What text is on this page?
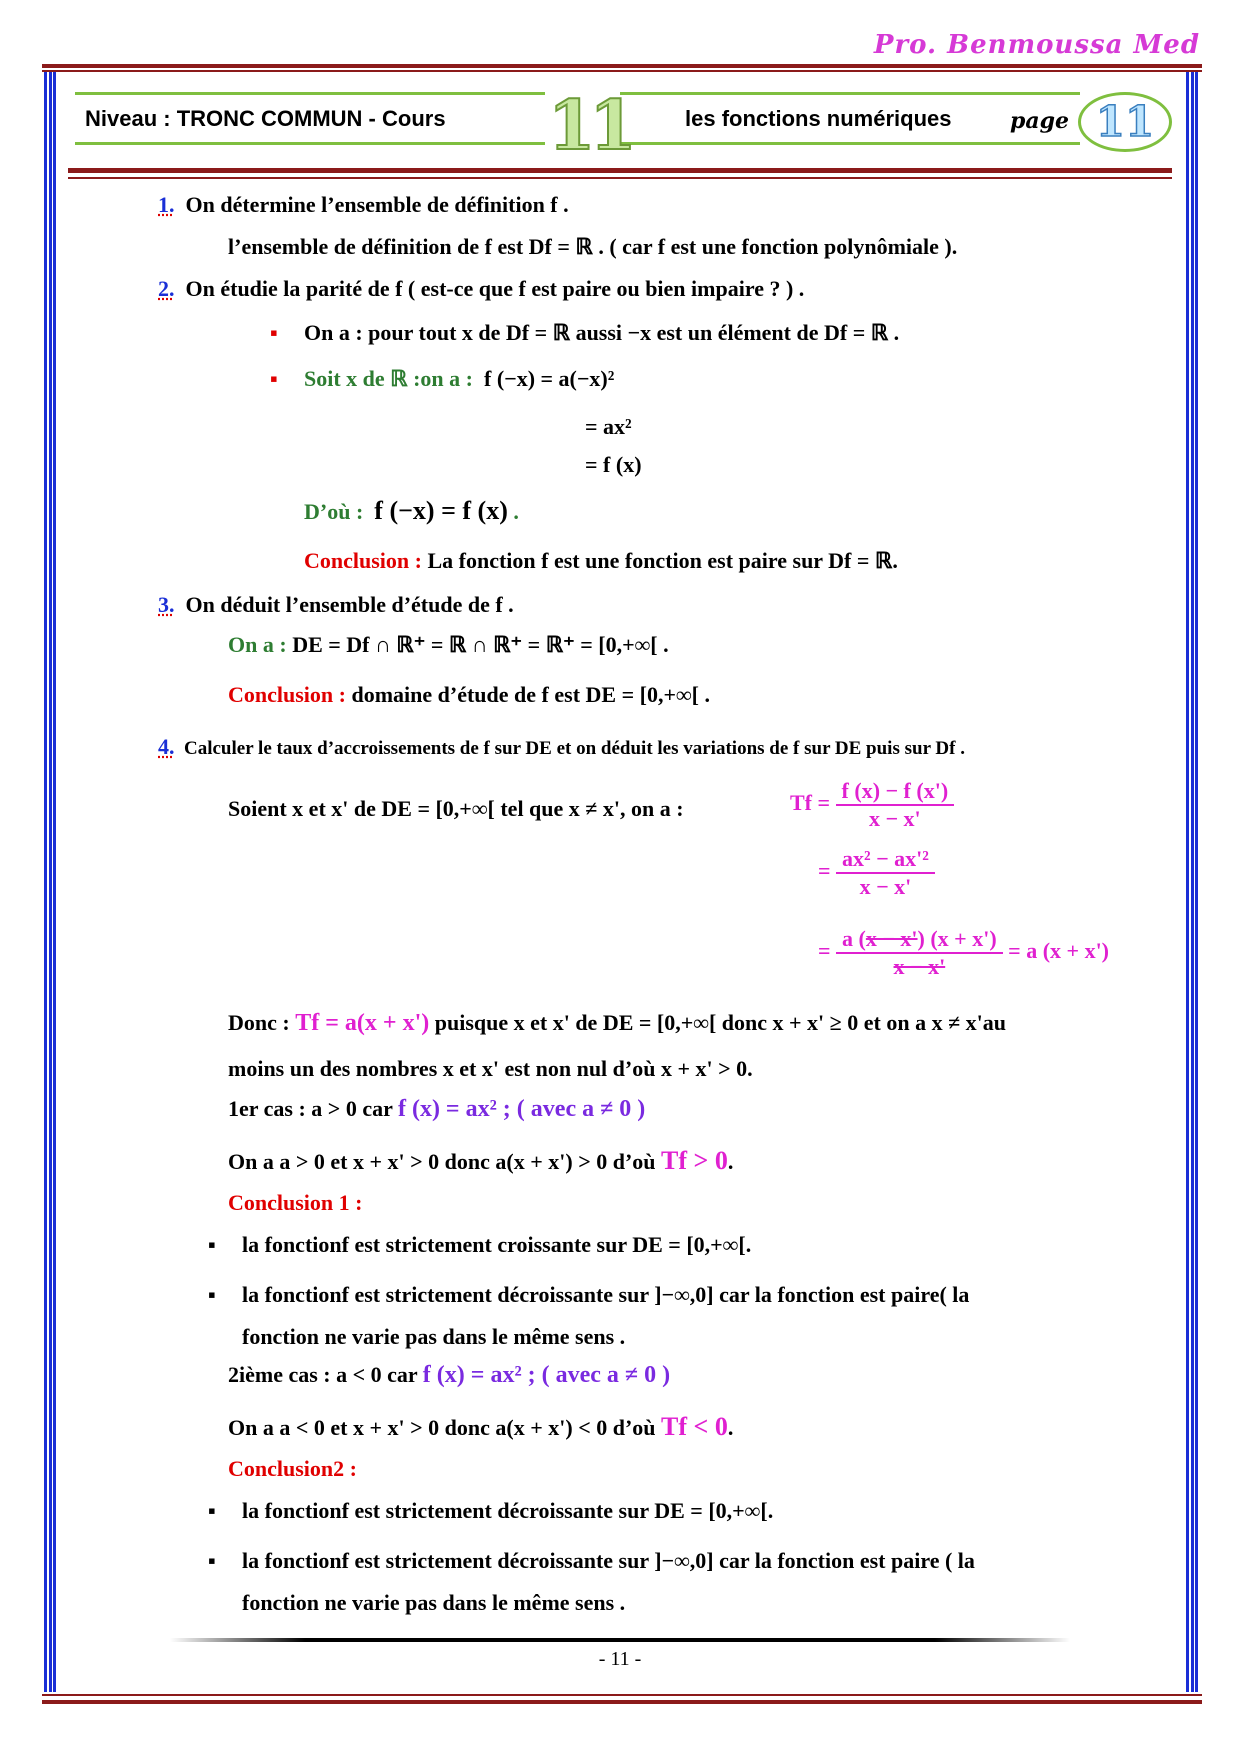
Pro. Benmoussa Med
Niveau : TRONC COMMUN - Cours	les fonctions numériques
11	page 11
1. On détermine l’ensemble de définition f .
l’ensemble de définition de f est Df = ℝ . ( car f est une fonction polynômiale ).
2. On étudie la parité de f ( est-ce que f est paire ou bien impaire ? ) .
▪ On a : pour tout x de Df = ℝ aussi −x est un élément de Df = ℝ .
▪ Soit x de ℝ :on a : f (−x) = a(−x)²
= ax²
= f (x)
D’où : f (−x) = f (x) .
Conclusion : La fonction f est une fonction est paire sur Df = ℝ.
3. On déduit l’ensemble d’étude de f .
On a : DE = Df ∩ ℝ⁺ = ℝ ∩ ℝ⁺ = ℝ⁺ = [0,+∞[ .
Conclusion : domaine d’étude de f est DE = [0,+∞[ .
4. Calculer le taux d’accroissements de f sur DE et on déduit les variations de f sur DE puis sur Df .
Soient x et x' de DE = [0,+∞[ tel que x ≠ x', on a :	$Tf = \frac{f (x) - f (x')}{x - x'}$
= $\frac{\text{ax² − ax'²}}{x - x'}$
= $\frac{a (x - x') (x + x')}{x - x'} = a$ (x + x')
Donc : Tf = a(x + x') puisque x et x' de DE = [0,+∞[ donc x + x' ≥ 0 et on a x ≠ x'au
moins un des nombres x et x' est non nul d’où x + x' > 0.
1er cas : a > 0 car f (x) = ax² ; ( avec a ≠ 0 )
On a a > 0 et x + x' > 0 donc a(x + x') > 0 d’où Tf > 0.
Conclusion 1 :
▪ la fonctionf est strictement croissante sur DE = [0,+∞[.
▪ la fonctionf est strictement décroissante sur ]−∞,0] car la fonction est paire( la
fonction ne varie pas dans le même sens .
2ième cas : a < 0 car f (x) = ax² ; ( avec a ≠ 0 )
On a a < 0 et x + x' > 0 donc a(x + x') < 0 d’où Tf < 0.
Conclusion2 :
▪ la fonctionf est strictement décroissante sur DE = [0,+∞[.
▪ la fonctionf est strictement décroissante sur ]−∞,0] car la fonction est paire ( la
fonction ne varie pas dans le même sens .
- 11 -
